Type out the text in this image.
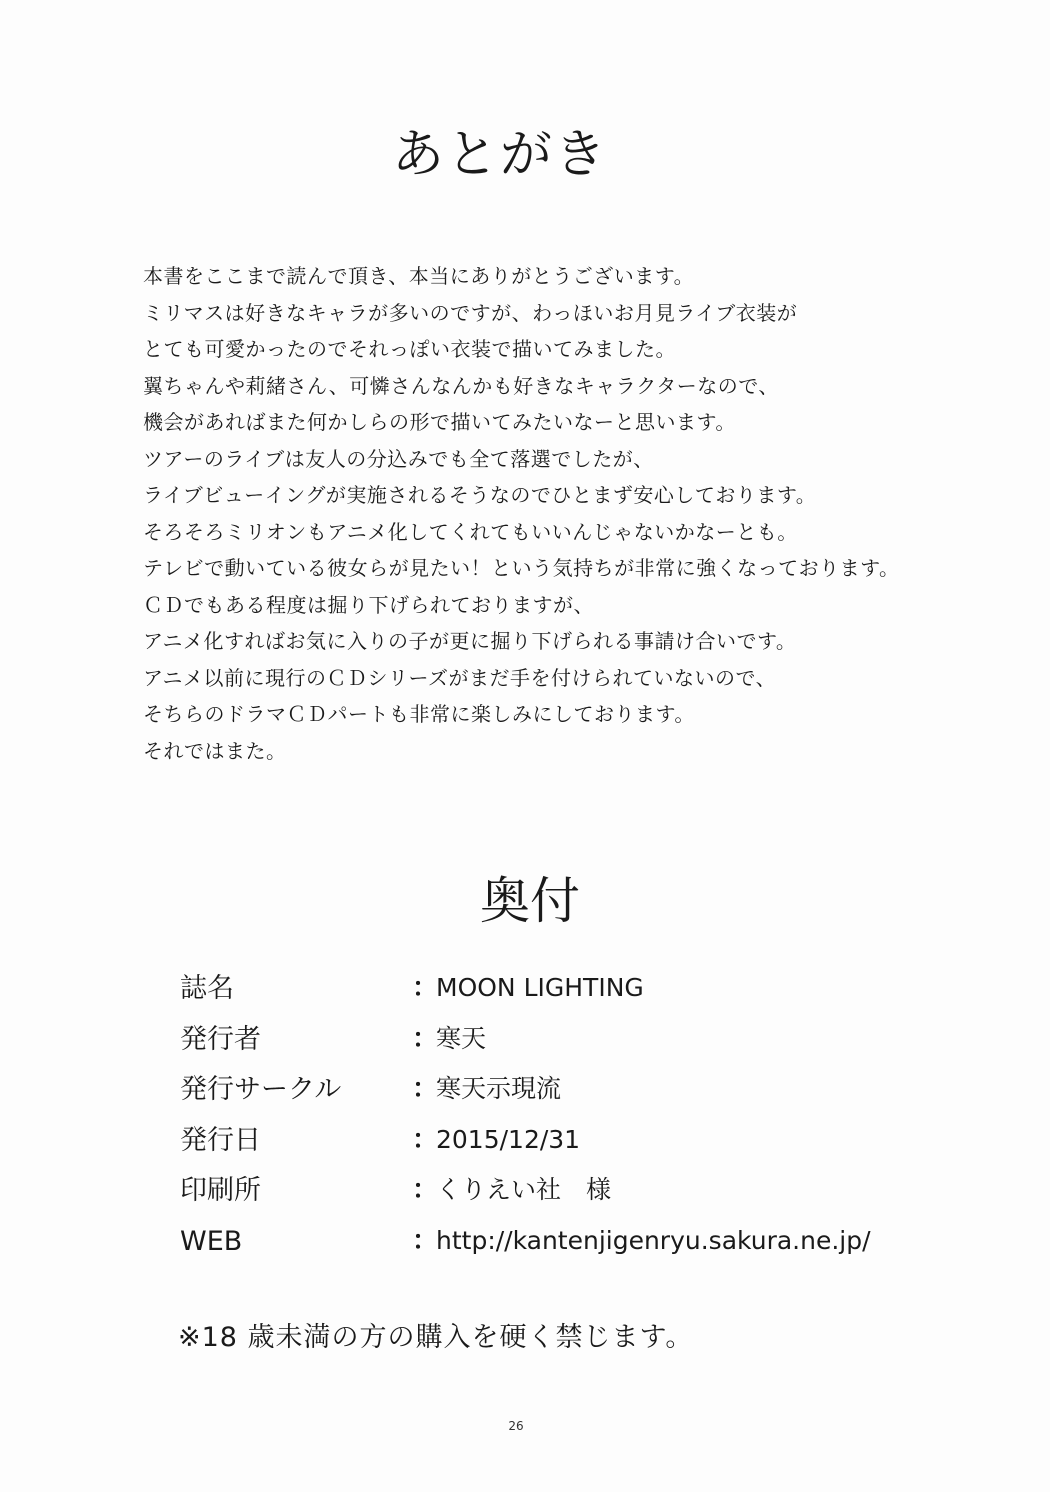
あとがき
本書をここまで読んで頂き、本当にありがとうございます。
ミリマスは好きなキャラが多いのですが、わっほいお月見ライブ衣装が
とても可愛かったのでそれっぽい衣装で描いてみました。
翼ちゃんや莉緒さん、可憐さんなんかも好きなキャラクターなので、
機会があればまた何かしらの形で描いてみたいなーと思います。
ツアーのライブは友人の分込みでも全て落選でしたが、
ライブビューイングが実施されるそうなのでひとまず安心しております。
そろそろミリオンもアニメ化してくれてもいいんじゃないかなーとも。
テレビで動いている彼女らが見たい！という気持ちが非常に強くなっております。
ＣＤでもある程度は掘り下げられておりますが、
アニメ化すればお気に入りの子が更に掘り下げられる事請け合いです。
アニメ以前に現行のＣＤシリーズがまだ手を付けられていないので、
そちらのドラマＣＤパートも非常に楽しみにしております。
それではまた。
奥付
誌名	：
MOON LIGHTING
発行者	：
寒天
発行サークル	：
寒天示現流
発行日	：
2015/12/31
印刷所	：
くりえい社　様
WEB	：
http://kantenjigenryu.sakura.ne.jp/
※18 歳未満の方の購入を硬く禁じます。
26
